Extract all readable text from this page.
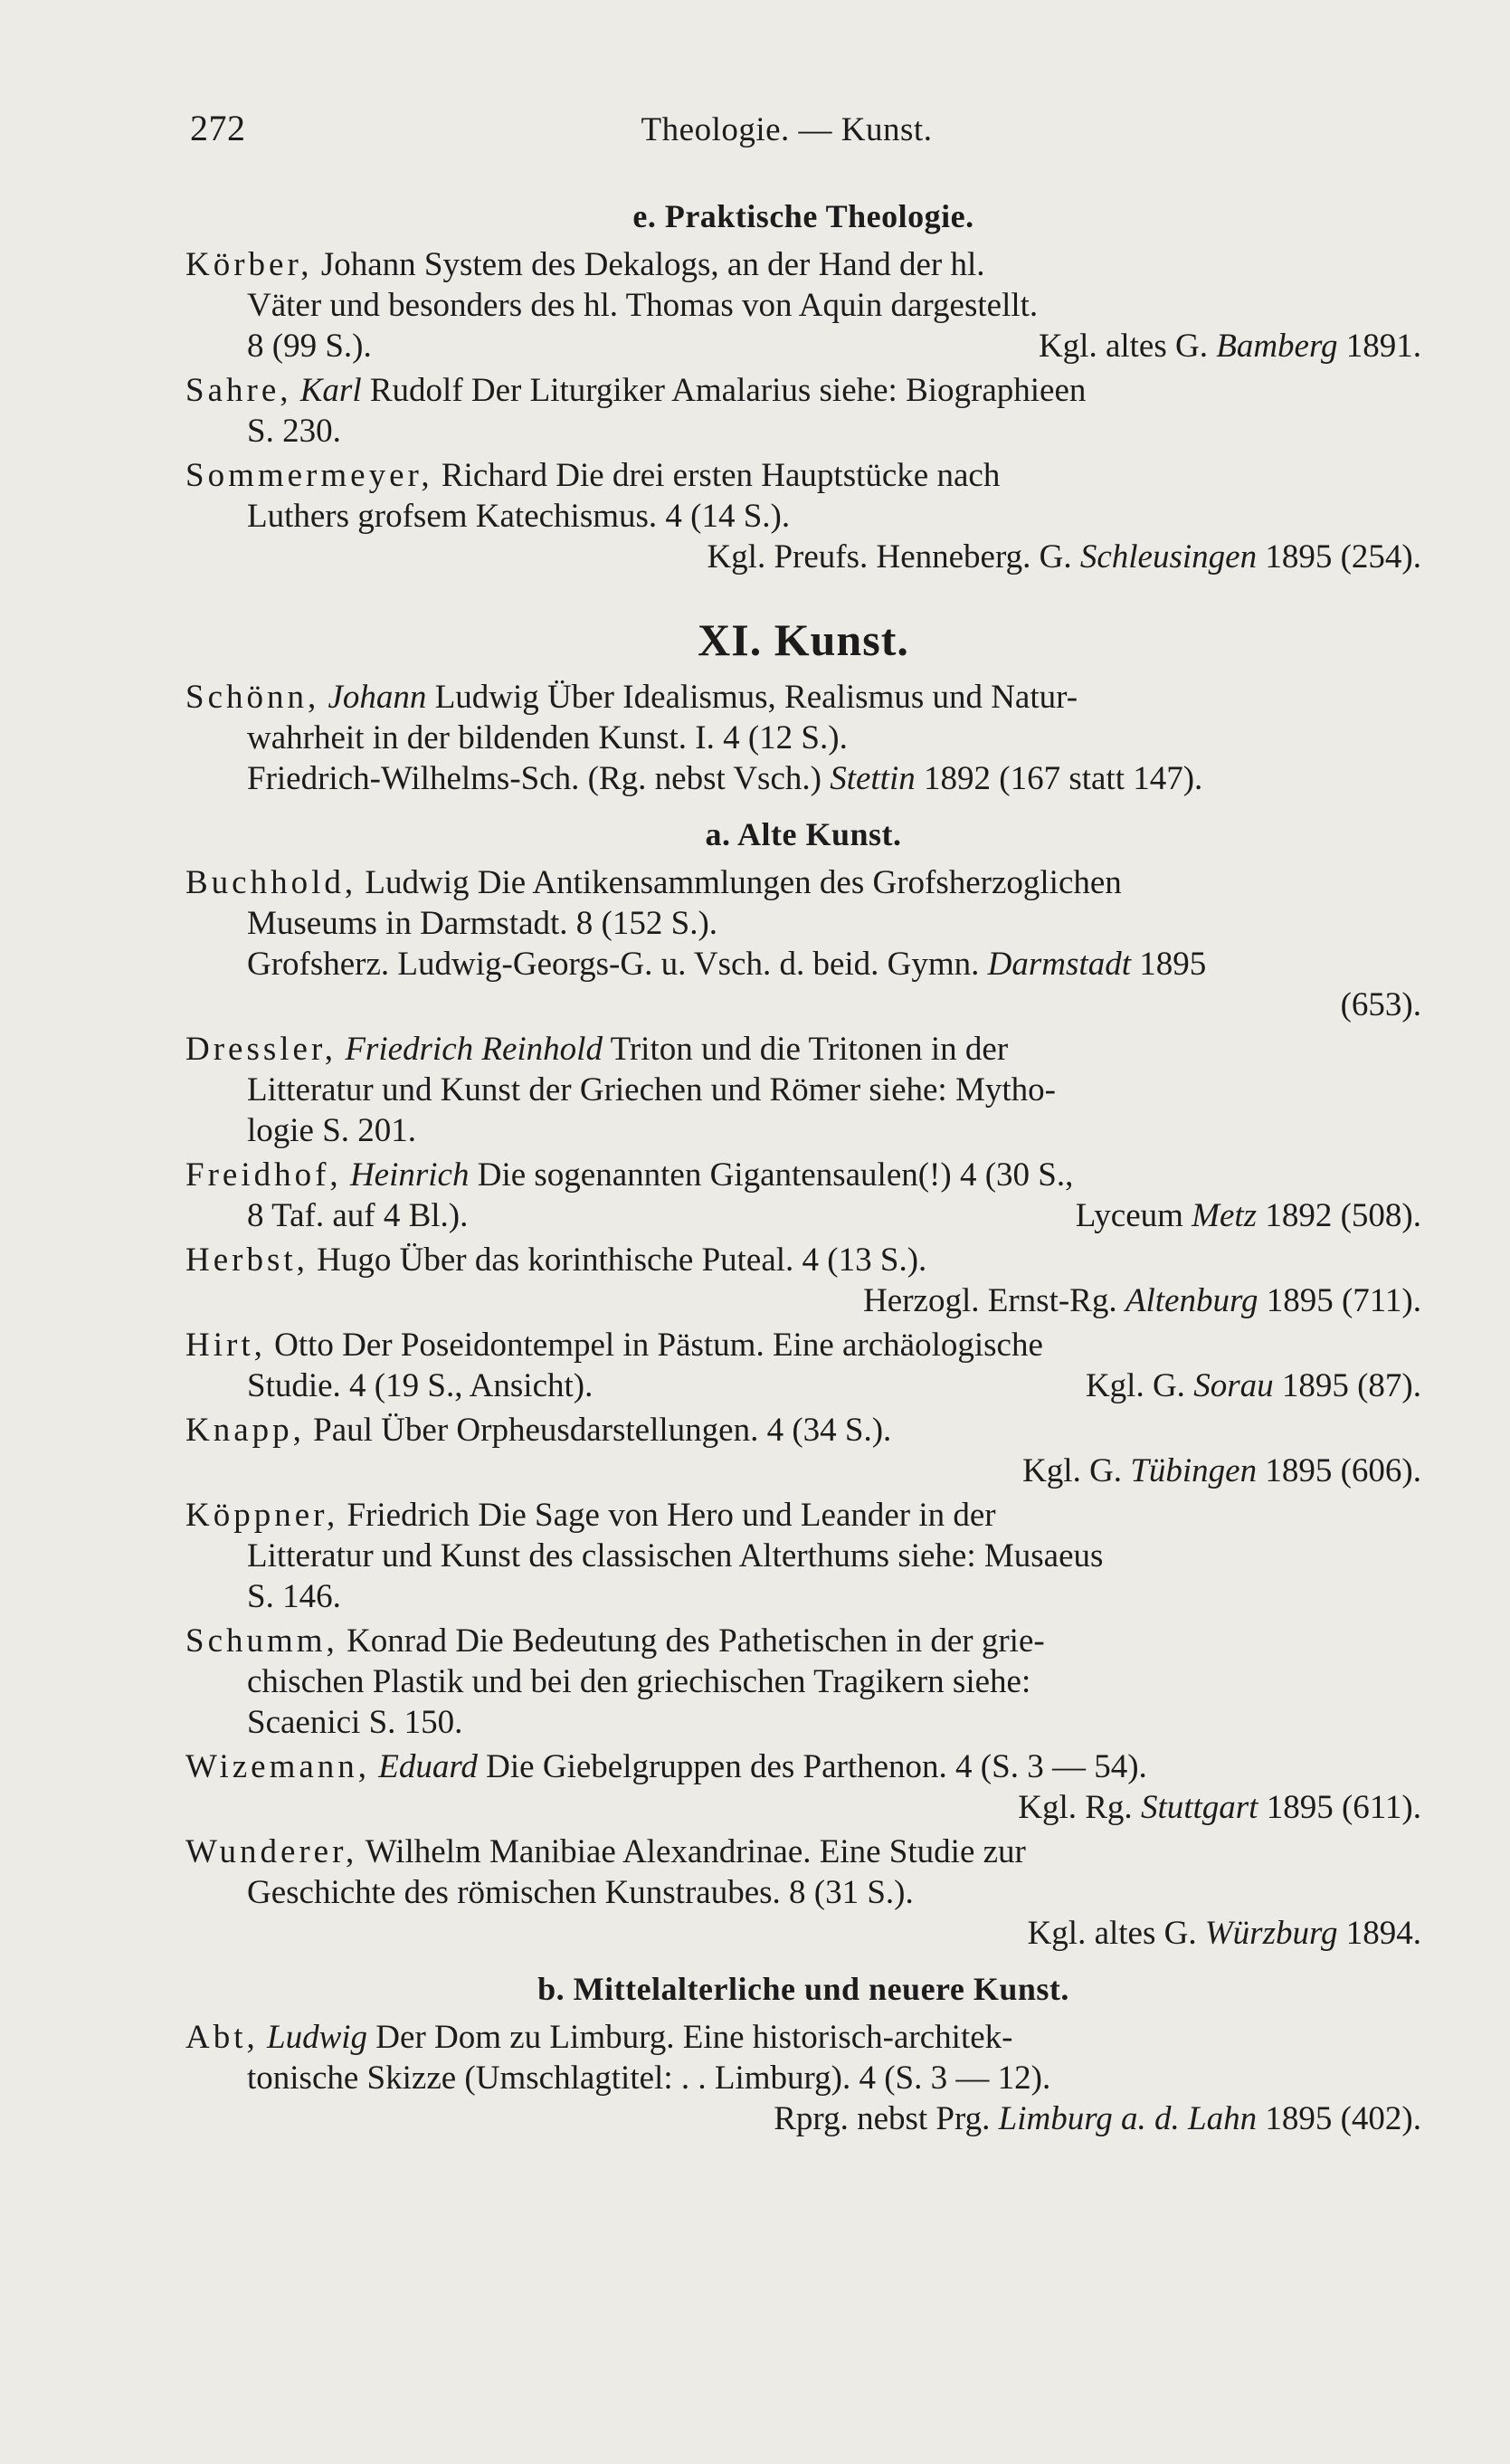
272	Theologie. — Kunst.
e. Praktische Theologie.
Körber, Johann System des Dekalogs, an der Hand der hl.
Väter und besonders des hl. Thomas von Aquin dargestellt.
8 (99 S.).	Kgl. altes G. Bamberg 1891.
Sahre, Karl Rudolf Der Liturgiker Amalarius siehe: Biographieen
S. 230.
Sommermeyer, Richard Die drei ersten Hauptstücke nach
Luthers grofsem Katechismus. 4 (14 S.).
Kgl. Preufs. Henneberg. G. Schleusingen 1895 (254).
XI. Kunst.
Schönn, Johann Ludwig Über Idealismus, Realismus und Natur-
wahrheit in der bildenden Kunst. I. 4 (12 S.).
Friedrich-Wilhelms-Sch. (Rg. nebst Vsch.) Stettin 1892 (167 statt 147).
a. Alte Kunst.
Buchhold, Ludwig Die Antikensammlungen des Grofsherzoglichen
Museums in Darmstadt. 8 (152 S.).
Grofsherz. Ludwig-Georgs-G. u. Vsch. d. beid. Gymn. Darmstadt 1895
(653).
Dressler, Friedrich Reinhold Triton und die Tritonen in der
Litteratur und Kunst der Griechen und Römer siehe: Mytho-
logie S. 201.
Freidhof, Heinrich Die sogenannten Gigantensaulen(!) 4 (30 S.,
8 Taf. auf 4 Bl.).	Lyceum Metz 1892 (508).
Herbst, Hugo Über das korinthische Puteal. 4 (13 S.).
Herzogl. Ernst-Rg. Altenburg 1895 (711).
Hirt, Otto Der Poseidontempel in Pästum. Eine archäologische
Studie. 4 (19 S., Ansicht).	Kgl. G. Sorau 1895 (87).
Knapp, Paul Über Orpheusdarstellungen. 4 (34 S.).
Kgl. G. Tübingen 1895 (606).
Köppner, Friedrich Die Sage von Hero und Leander in der
Litteratur und Kunst des classischen Alterthums siehe: Musaeus
S. 146.
Schumm, Konrad Die Bedeutung des Pathetischen in der grie-
chischen Plastik und bei den griechischen Tragikern siehe:
Scaenici S. 150.
Wizemann, Eduard Die Giebelgruppen des Parthenon. 4 (S. 3 — 54).
Kgl. Rg. Stuttgart 1895 (611).
Wunderer, Wilhelm Manibiae Alexandrinae. Eine Studie zur
Geschichte des römischen Kunstraubes. 8 (31 S.).
Kgl. altes G. Würzburg 1894.
b. Mittelalterliche und neuere Kunst.
Abt, Ludwig Der Dom zu Limburg. Eine historisch-architek-
tonische Skizze (Umschlagtitel: . . Limburg). 4 (S. 3 — 12).
Rprg. nebst Prg. Limburg a. d. Lahn 1895 (402).
